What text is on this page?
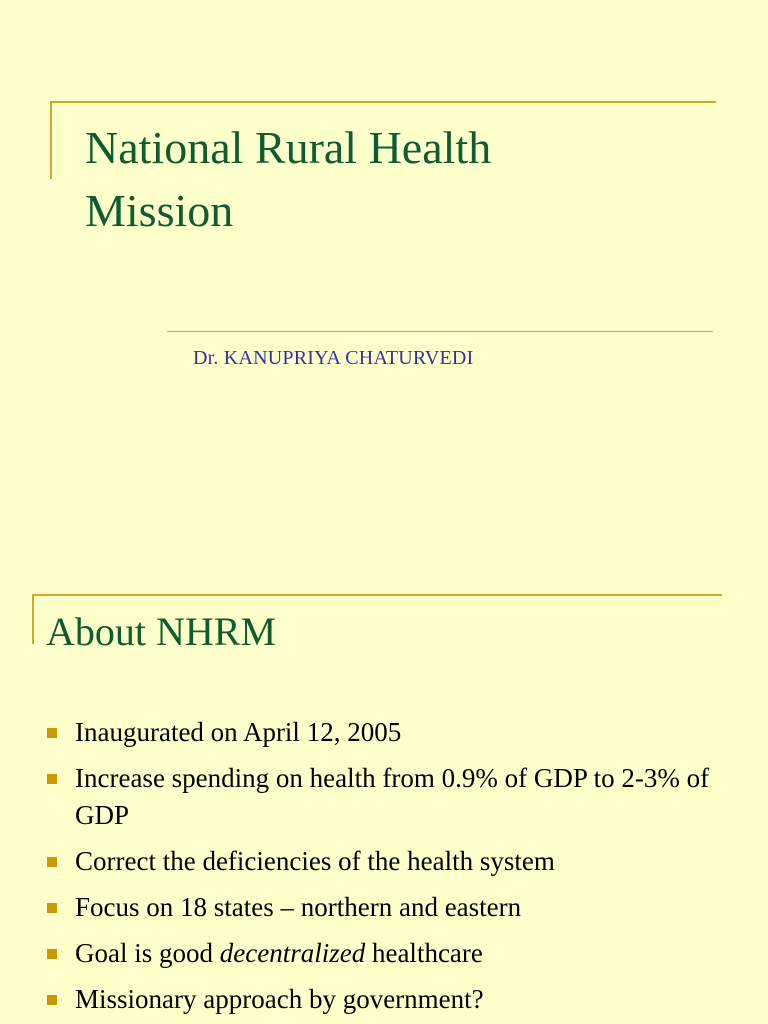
National Rural Health
Mission

Dr. KANUPRIYA CHATURVEDI

About NHRM
Inaugurated on April 12, 2005
Increase spending on health from 0.9% of GDP to 2-3% of GDP
Correct the deficiencies of the health system
Focus on 18 states – northern and eastern
Goal is good decentralized healthcare
Missionary approach by government?
